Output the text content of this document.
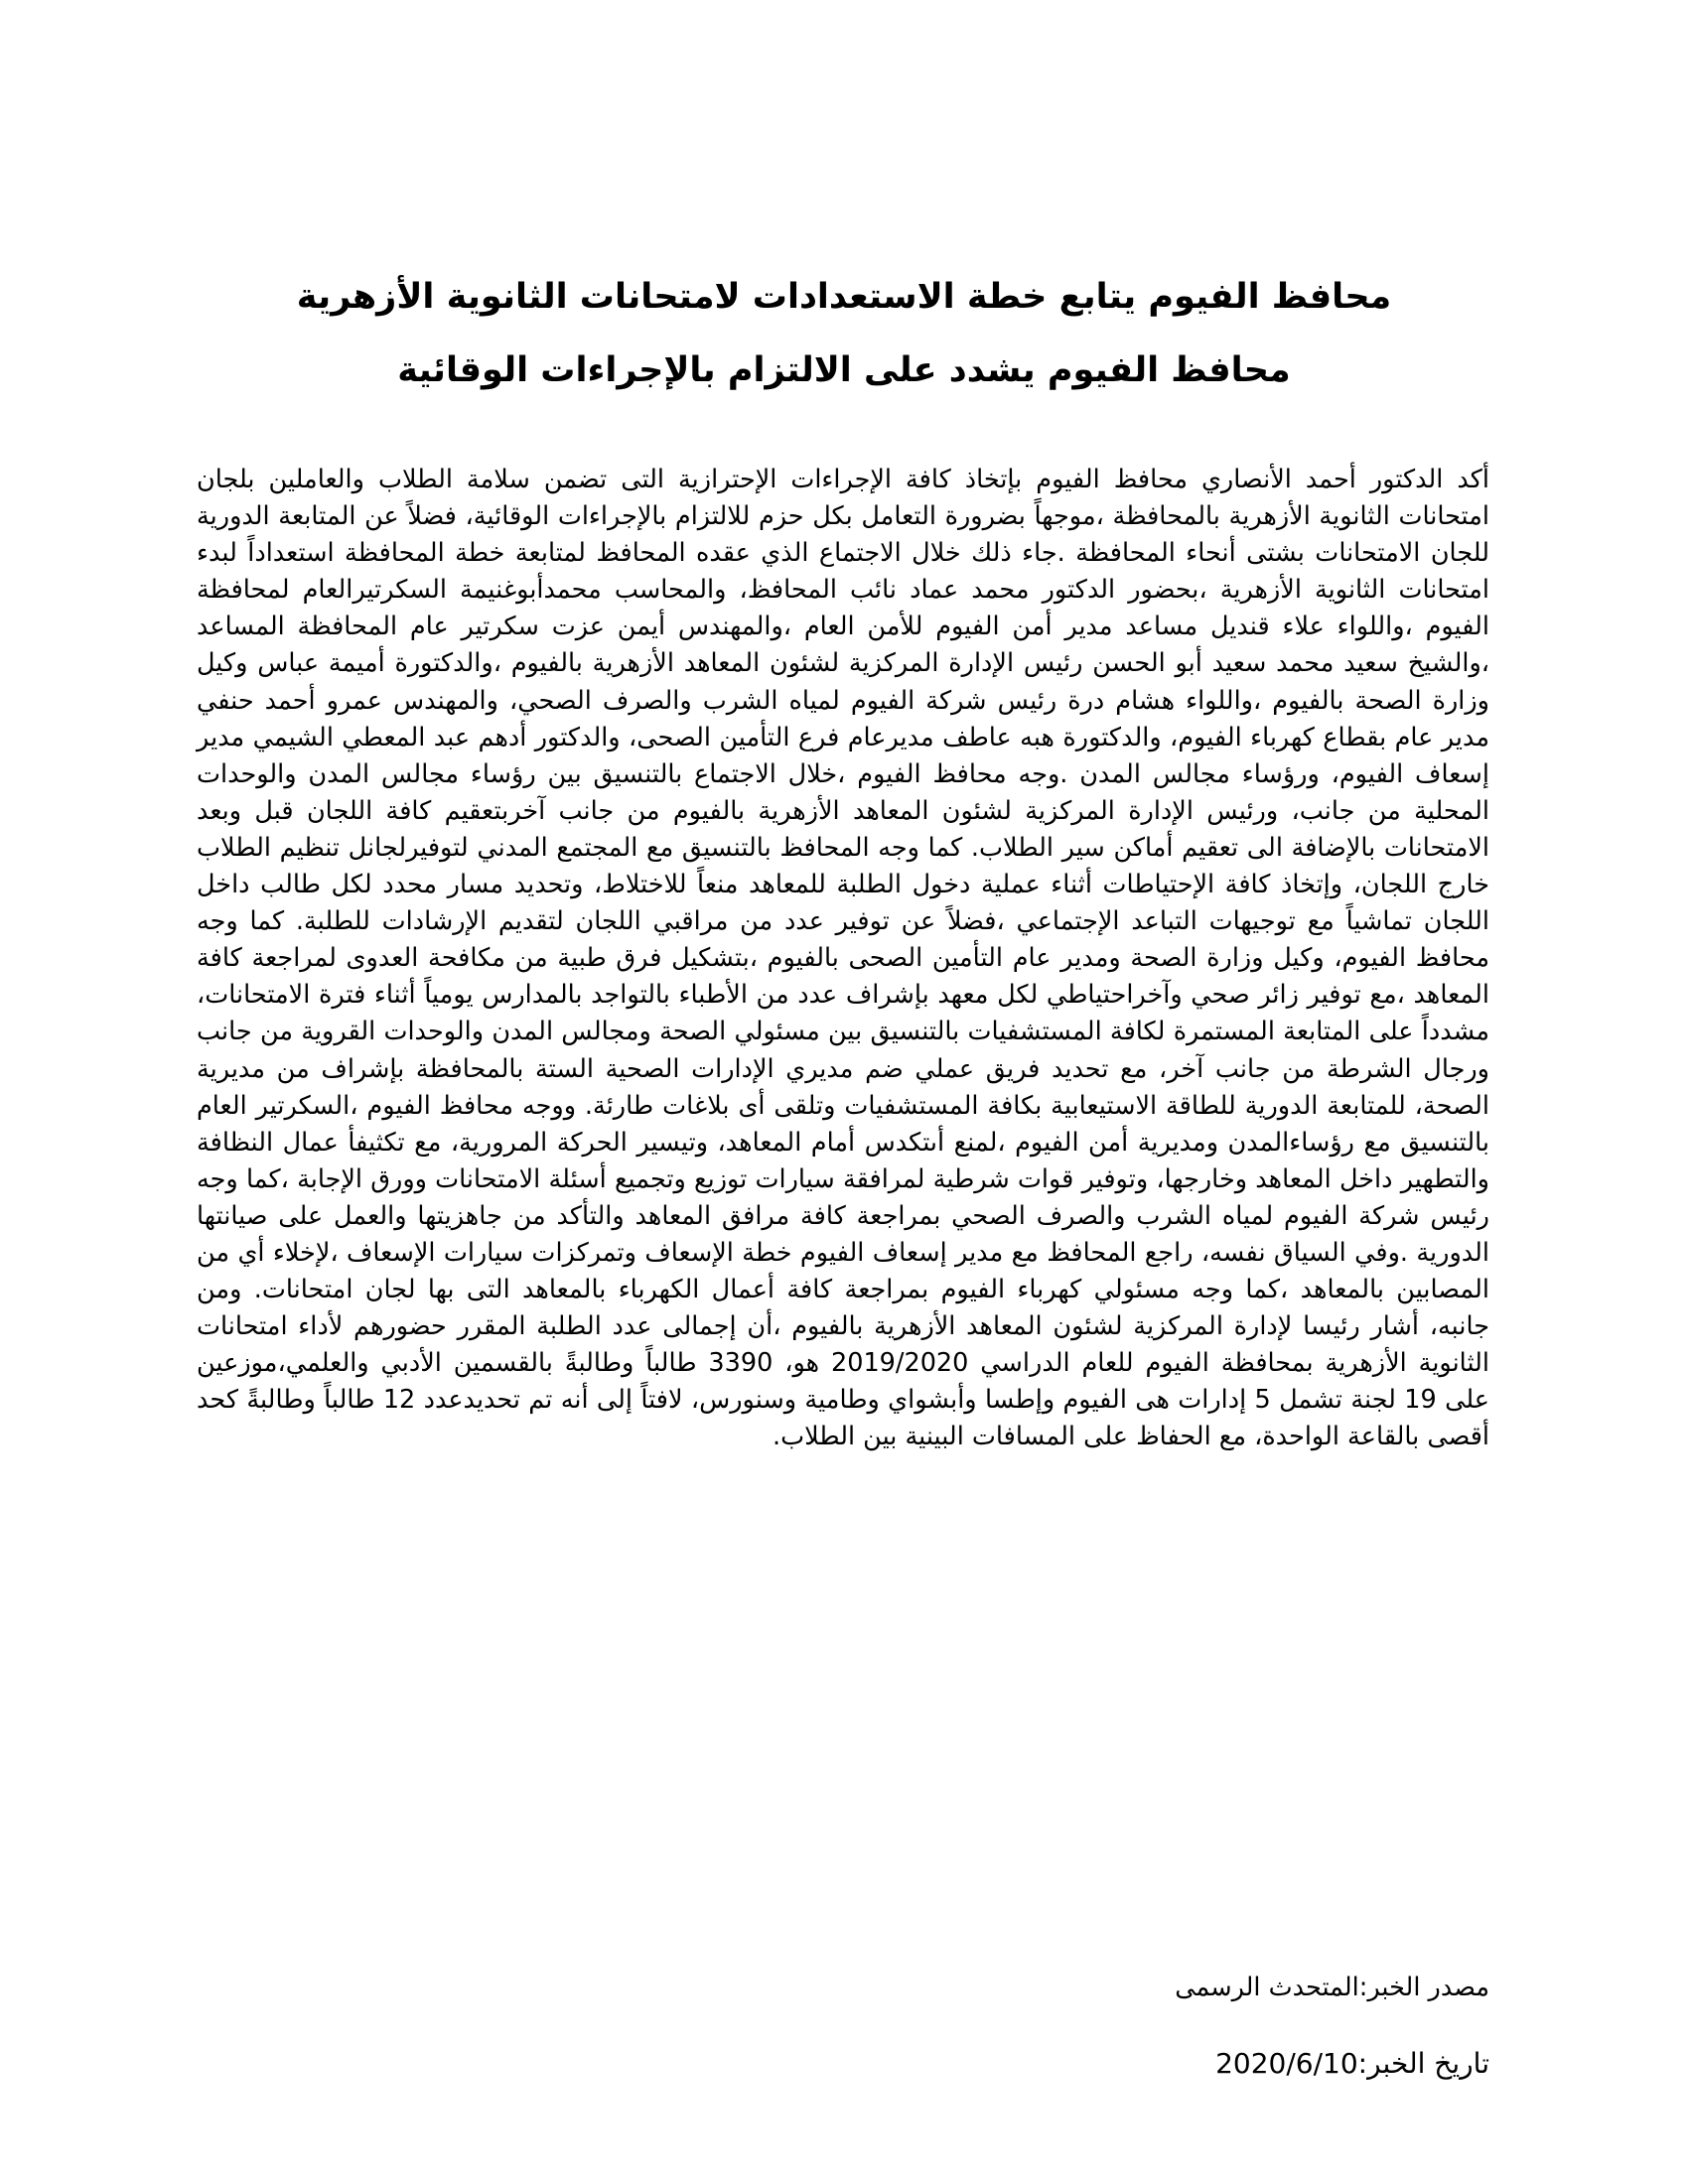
محافظ الفيوم يتابع خطة الاستعدادات لامتحانات الثانوية الأزهرية

محافظ الفيوم يشدد على الالتزام بالإجراءات الوقائية

أكد الدكتور أحمد الأنصاري محافظ الفيوم بإتخاذ كافة الإجراءات الإحترازية التى تضمن سلامة الطلاب والعاملين بلجان امتحانات الثانوية الأزهرية بالمحافظة ،موجهاً بضرورة التعامل بكل حزم للالتزام بالإجراءات الوقائية، فضلاً عن المتابعة الدورية للجان الامتحانات بشتى أنحاء المحافظة .جاء ذلك خلال الاجتماع الذي عقده المحافظ لمتابعة خطة المحافظة استعداداً لبدء امتحانات الثانوية الأزهرية ،بحضور الدكتور محمد عماد نائب المحافظ، والمحاسب محمدأبوغنيمة السكرتيرالعام لمحافظة الفيوم ،واللواء علاء قنديل مساعد مدير أمن الفيوم للأمن العام ،والمهندس أيمن عزت سكرتير عام المحافظة المساعد ،والشيخ سعيد محمد سعيد أبو الحسن رئيس الإدارة المركزية لشئون المعاهد الأزهرية بالفيوم ،والدكتورة أميمة عباس وكيل وزارة الصحة بالفيوم ،واللواء هشام درة رئيس شركة الفيوم لمياه الشرب والصرف الصحي، والمهندس عمرو أحمد حنفي مدير عام بقطاع كهرباء الفيوم، والدكتورة هبه عاطف مديرعام فرع التأمين الصحى، والدكتور أدهم عبد المعطي الشيمي مدير إسعاف الفيوم، ورؤساء مجالس المدن .وجه محافظ الفيوم ،خلال الاجتماع بالتنسيق بين رؤساء مجالس المدن والوحدات المحلية من جانب، ورئيس الإدارة المركزية لشئون المعاهد الأزهرية بالفيوم من جانب آخربتعقيم كافة اللجان قبل وبعد الامتحانات بالإضافة الى تعقيم أماكن سير الطلاب. كما وجه المحافظ بالتنسيق مع المجتمع المدني لتوفيرلجانل تنظيم الطلاب خارج اللجان، وإتخاذ كافة الإحتياطات أثناء عملية دخول الطلبة للمعاهد منعاً للاختلاط، وتحديد مسار محدد لكل طالب داخل اللجان تماشياً مع توجيهات التباعد الإجتماعي ،فضلاً عن توفير عدد من مراقبي اللجان لتقديم الإرشادات للطلبة. كما وجه محافظ الفيوم، وكيل وزارة الصحة ومدير عام التأمين الصحى بالفيوم ،بتشكيل فرق طبية من مكافحة العدوى لمراجعة كافة المعاهد ،مع توفير زائر صحي وآخراحتياطي لكل معهد بإشراف عدد من الأطباء بالتواجد بالمدارس يومياً أثناء فترة الامتحانات، مشدداً على المتابعة المستمرة لكافة المستشفيات بالتنسيق بين مسئولي الصحة ومجالس المدن والوحدات القروية من جانب ورجال الشرطة من جانب آخر، مع تحديد فريق عملي ضم مديري الإدارات الصحية الستة بالمحافظة بإشراف من مديرية الصحة، للمتابعة الدورية للطاقة الاستيعابية بكافة المستشفيات وتلقى أى بلاغات طارئة. ووجه محافظ الفيوم ،السكرتير العام بالتنسيق مع رؤساءالمدن ومديرية أمن الفيوم ،لمنع أىتكدس أمام المعاهد، وتيسير الحركة المرورية، مع تكثيفأ عمال النظافة والتطهير داخل المعاهد وخارجها، وتوفير قوات شرطية لمرافقة سيارات توزيع وتجميع أسئلة الامتحانات وورق الإجابة ،كما وجه رئيس شركة الفيوم لمياه الشرب والصرف الصحي بمراجعة كافة مرافق المعاهد والتأكد من جاهزيتها والعمل على صيانتها الدورية .وفي السياق نفسه، راجع المحافظ مع مدير إسعاف الفيوم خطة الإسعاف وتمركزات سيارات الإسعاف ،لإخلاء أي من المصابين بالمعاهد ،كما وجه مسئولي كهرباء الفيوم بمراجعة كافة أعمال الكهرباء بالمعاهد التى بها لجان امتحانات. ومن جانبه، أشار رئيسا لإدارة المركزية لشئون المعاهد الأزهرية بالفيوم ،أن إجمالى عدد الطلبة المقرر حضورهم لأداء امتحانات الثانوية الأزهرية بمحافظة الفيوم للعام الدراسي 2019/2020 هو، 3390 طالباً وطالبةً بالقسمين الأدبي والعلمي،موزعين على 19 لجنة تشمل 5 إدارات هى الفيوم وإطسا وأبشواي وطامية وسنورس، لافتاً إلى أنه تم تحديدعدد 12 طالباً وطالبةً كحد أقصى بالقاعة الواحدة، مع الحفاظ على المسافات البينية بين الطلاب.

مصدر الخبر:المتحدث الرسمى

تاريخ الخبر:2020/6/10
